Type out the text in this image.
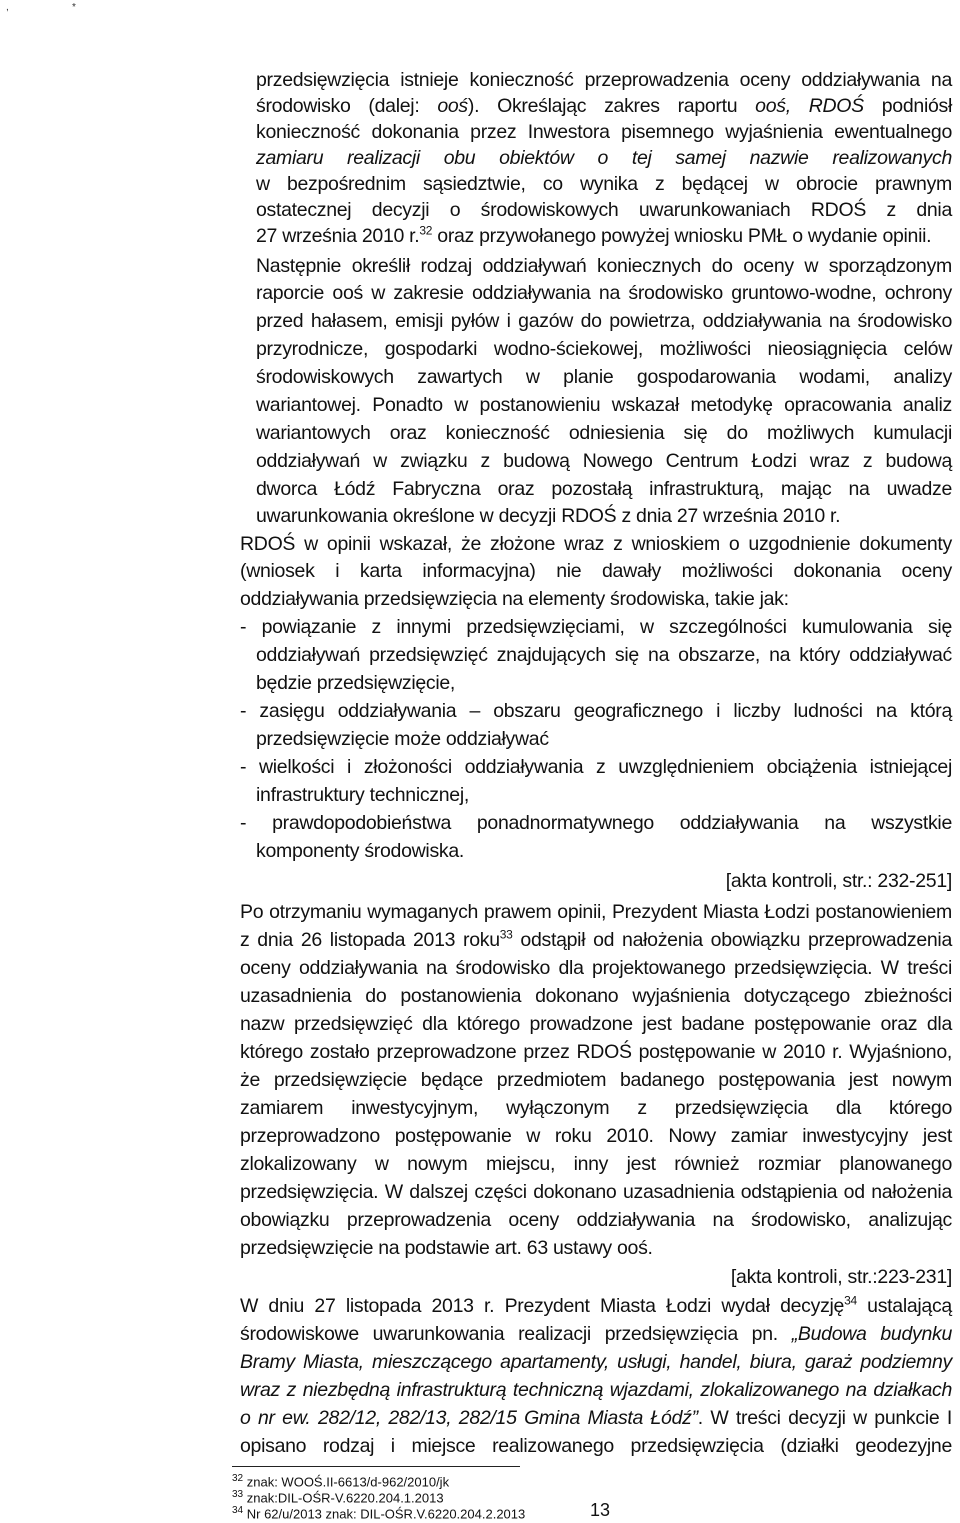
,	*
przedsięwzięcia istnieje konieczność przeprowadzenia oceny oddziaływania na
środowisko (dalej: ooś). Określając zakres raportu ooś, RDOŚ podniósł
konieczność dokonania przez Inwestora pisemnego wyjaśnienia ewentualnego
zamiaru realizacji obu obiektów o tej samej nazwie realizowanych
w bezpośrednim sąsiedztwie, co wynika z będącej w obrocie prawnym
ostatecznej decyzji o środowiskowych uwarunkowaniach RDOŚ z dnia
27 września 2010 r.$^{32}$ oraz przywołanego powyżej wniosku PMŁ o wydanie opinii.
Następnie określił rodzaj oddziaływań koniecznych do oceny w sporządzonym
raporcie ooś w zakresie oddziaływania na środowisko gruntowo-wodne, ochrony
przed hałasem, emisji pyłów i gazów do powietrza, oddziaływania na środowisko
przyrodnicze, gospodarki wodno-ściekowej, możliwości nieosiągnięcia celów
środowiskowych zawartych w planie gospodarowania wodami, analizy
wariantowej. Ponadto w postanowieniu wskazał metodykę opracowania analiz
wariantowych oraz konieczność odniesienia się do możliwych kumulacji
oddziaływań w związku z budową Nowego Centrum Łodzi wraz z budową
dworca Łódź Fabryczna oraz pozostałą infrastrukturą, mając na uwadze
uwarunkowania określone w decyzji RDOŚ z dnia 27 września 2010 r.
RDOŚ w opinii wskazał, że złożone wraz z wnioskiem o uzgodnienie dokumenty
(wniosek i karta informacyjna) nie dawały możliwości dokonania oceny
oddziaływania przedsięwzięcia na elementy środowiska, takie jak:
- powiązanie z innymi przedsięwzięciami, w szczególności kumulowania się
oddziaływań przedsięwzięć znajdujących się na obszarze, na który oddziaływać
będzie przedsięwzięcie,
- zasięgu oddziaływania – obszaru geograficznego i liczby ludności na którą
przedsięwzięcie może oddziaływać
- wielkości i złożoności oddziaływania z uwzględnieniem obciążenia istniejącej
infrastruktury technicznej,
- prawdopodobieństwa ponadnormatywnego oddziaływania na wszystkie
komponenty środowiska.
[akta kontroli, str.: 232-251]
Po otrzymaniu wymaganych prawem opinii, Prezydent Miasta Łodzi postanowieniem
z dnia 26 listopada 2013 roku$^{33}$ odstąpił od nałożenia obowiązku przeprowadzenia
oceny oddziaływania na środowisko dla projektowanego przedsięwzięcia. W treści
uzasadnienia do postanowienia dokonano wyjaśnienia dotyczącego zbieżności
nazw przedsięwzięć dla którego prowadzone jest badane postępowanie oraz dla
którego zostało przeprowadzone przez RDOŚ postępowanie w 2010 r. Wyjaśniono,
że przedsięwzięcie będące przedmiotem badanego postępowania jest nowym
zamiarem inwestycyjnym, wyłączonym z przedsięwzięcia dla którego
przeprowadzono postępowanie w roku 2010. Nowy zamiar inwestycyjny jest
zlokalizowany w nowym miejscu, inny jest również rozmiar planowanego
przedsięwzięcia. W dalszej części dokonano uzasadnienia odstąpienia od nałożenia
obowiązku przeprowadzenia oceny oddziaływania na środowisko, analizując
przedsięwzięcie na podstawie art. 63 ustawy ooś.
[akta kontroli, str.:223-231]
W dniu 27 listopada 2013 r. Prezydent Miasta Łodzi wydał decyzję$^{34}$ ustalającą
środowiskowe uwarunkowania realizacji przedsięwzięcia pn. „Budowa budynku
Bramy Miasta, mieszczącego apartamenty, usługi, handel, biura, garaż podziemny
wraz z niezbędną infrastrukturą techniczną wjazdami, zlokalizowanego na działkach
o nr ew. 282/12, 282/13, 282/15 Gmina Miasta Łódź”. W treści decyzji w punkcie I
opisano rodzaj i miejsce realizowanego przedsięwzięcia (działki geodezyjne
$^{32}$ znak: WOOŚ.II-6613/d-962/2010/jk
$^{33}$ znak:DIL-OŚR-V.6220.204.1.2013
$^{34}$ Nr 62/u/2013 znak: DIL-OŚR.V.6220.204.2.2013	13
